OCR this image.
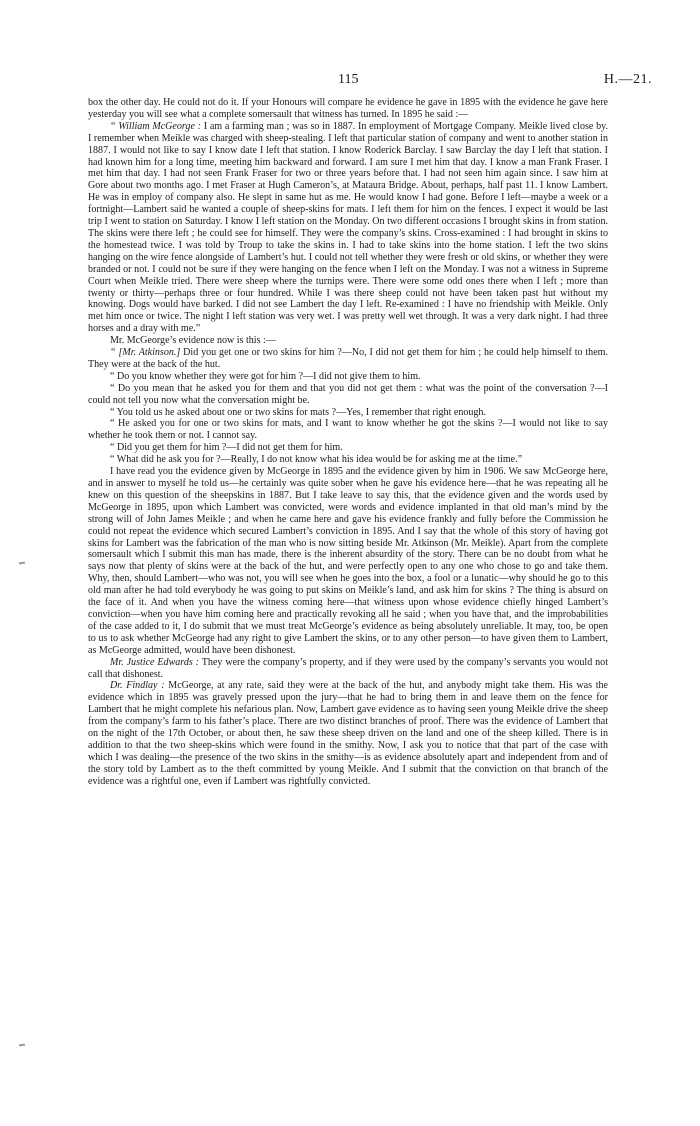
115	H.—21.

box the other day. He could not do it. If your Honours will compare he evidence he gave in 1895 with the evidence he gave here yesterday you will see what a complete somersault that witness has turned. In 1895 he said :—

“ William McGeorge : I am a farming man ; was so in 1887. In employment of Mortgage Company. Meikle lived close by. I remember when Meikle was charged with sheep-stealing. I left that particular station of company and went to another station in 1887. I would not like to say I know date I left that station. I know Roderick Barclay. I saw Barclay the day I left that station. I had known him for a long time, meeting him backward and forward. I am sure I met him that day. I know a man Frank Fraser. I met him that day. I had not seen Frank Fraser for two or three years before that. I had not seen him again since. I saw him at Gore about two months ago. I met Fraser at Hugh Cameron’s, at Mataura Bridge. About, perhaps, half past 11. I know Lambert. He was in employ of company also. He slept in same hut as me. He would know I had gone. Before I left—maybe a week or a fortnight—Lambert said he wanted a couple of sheep-skins for mats. I left them for him on the fences. I expect it would be last trip I went to station on Saturday. I know I left station on the Monday. On two different occasions I brought skins in from station. The skins were there left ; he could see for himself. They were the company’s skins. Cross-examined : I had brought in skins to the homestead twice. I was told by Troup to take the skins in. I had to take skins into the home station. I left the two skins hanging on the wire fence alongside of Lambert’s hut. I could not tell whether they were fresh or old skins, or whether they were branded or not. I could not be sure if they were hanging on the fence when I left on the Monday. I was not a witness in Supreme Court when Meikle tried. There were sheep where the turnips were. There were some odd ones there when I left ; more than twenty or thirty—perhaps three or four hundred. While I was there sheep could not have been taken past hut without my knowing. Dogs would have barked. I did not see Lambert the day I left. Re-examined : I have no friendship with Meikle. Only met him once or twice. The night I left station was very wet. I was pretty well wet through. It was a very dark night. I had three horses and a dray with me.”

Mr. McGeorge’s evidence now is this :—

“ [Mr. Atkinson.] Did you get one or two skins for him ?—No, I did not get them for him ; he could help himself to them. They were at the back of the hut.

“ Do you know whether they were got for him ?—I did not give them to him.

“ Do you mean that he asked you for them and that you did not get them : what was the point of the conversation ?—I could not tell you now what the conversation might be.

“ You told us he asked about one or two skins for mats ?—Yes, I remember that right enough.

“ He asked you for one or two skins for mats, and I want to know whether he got the skins ?—I would not like to say whether he took them or not. I cannot say.

“ Did you get them for him ?—I did not get them for him.

“ What did he ask you for ?—Really, I do not know what his idea would be for asking me at the time.”

I have read you the evidence given by McGeorge in 1895 and the evidence given by him in 1906. We saw McGeorge here, and in answer to myself he told us—he certainly was quite sober when he gave his evidence here—that he was repeating all he knew on this question of the sheepskins in 1887. But I take leave to say this, that the evidence given and the words used by McGeorge in 1895, upon which Lambert was convicted, were words and evidence implanted in that old man’s mind by the strong will of John James Meikle ; and when he came here and gave his evidence frankly and fully before the Commission he could not repeat the evidence which secured Lambert’s conviction in 1895. And I say that the whole of this story of having got skins for Lambert was the fabrication of the man who is now sitting beside Mr. Atkinson (Mr. Meikle). Apart from the complete somersault which I submit this man has made, there is the inherent absurdity of the story. There can be no doubt from what he says now that plenty of skins were at the back of the hut, and were perfectly open to any one who chose to go and take them. Why, then, should Lambert—who was not, you will see when he goes into the box, a fool or a lunatic—why should he go to this old man after he had told everybody he was going to put skins on Meikle’s land, and ask him for skins ? The thing is absurd on the face of it. And when you have the witness coming here—that witness upon whose evidence chiefly hinged Lambert’s conviction—when you have him coming here and practically revoking all he said ; when you have that, and the improbabilities of the case added to it, I do submit that we must treat McGeorge’s evidence as being absolutely unreliable. It may, too, be open to us to ask whether McGeorge had any right to give Lambert the skins, or to any other person—to have given them to Lambert, as McGeorge admitted, would have been dishonest.

Mr. Justice Edwards : They were the company’s property, and if they were used by the company’s servants you would not call that dishonest.

Dr. Findlay : McGeorge, at any rate, said they were at the back of the hut, and anybody might take them. His was the evidence which in 1895 was gravely pressed upon the jury—that he had to bring them in and leave them on the fence for Lambert that he might complete his nefarious plan. Now, Lambert gave evidence as to having seen young Meikle drive the sheep from the company’s farm to his father’s place. There are two distinct branches of proof. There was the evidence of Lambert that on the night of the 17th October, or about then, he saw these sheep driven on the land and one of the sheep killed. There is in addition to that the two sheep-skins which were found in the smithy. Now, I ask you to notice that that part of the case with which I was dealing—the presence of the two skins in the smithy—is as evidence absolutely apart and independent from and of the story told by Lambert as to the theft committed by young Meikle. And I submit that the conviction on that branch of the evidence was a rightful one, even if Lambert was rightfully convicted.
